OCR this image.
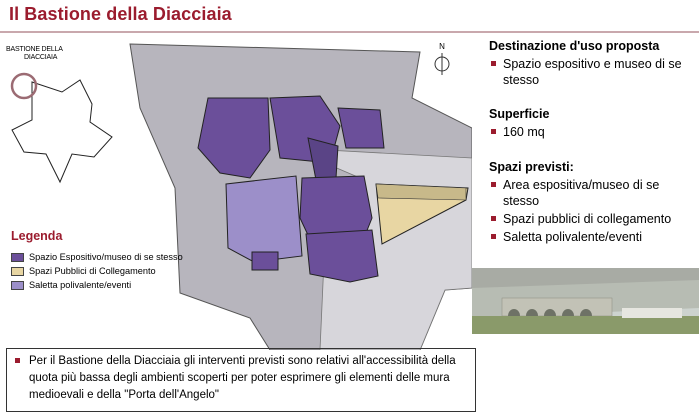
Il Bastione della Diacciaia
BASTIONE DELLA
DIACCIAIA
N
Legenda
Spazio Espositivo/museo di se stesso
Spazi Pubblici di Collegamento
Saletta polivalente/eventi
Destinazione d'uso proposta
Spazio espositivo e museo di se stesso
Superficie
160 mq
Spazi previsti:
Area espositiva/museo di se stesso
Spazi pubblici di collegamento
Saletta polivalente/eventi
Per il Bastione della Diacciaia gli interventi previsti sono relativi all'accessibilità della quota più bassa degli ambienti scoperti per poter esprimere gli elementi delle mura medioevali e della "Porta dell'Angelo"
